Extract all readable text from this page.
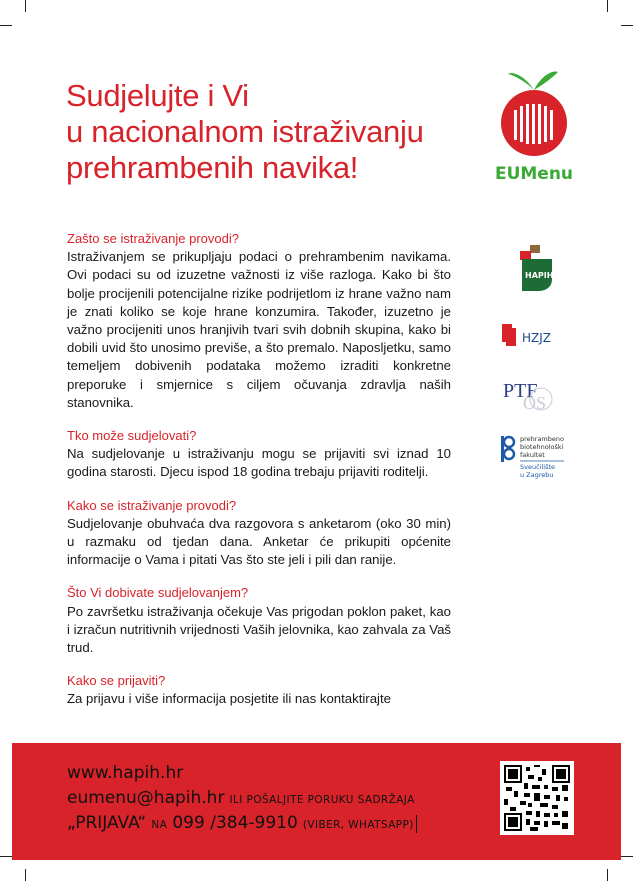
Sudjelujte i Vi
u nacionalnom istraživanju
prehrambenih navika!
Zašto se istraživanje provodi?
Istraživanjem se prikupljaju podaci o prehrambenim navikama. Ovi podaci su od izuzetne važnosti iz više razloga. Kako bi što bolje procijenili potencijalne rizike podrijetlom iz hrane važno nam je znati koliko se koje hrane konzumira. Također, izuzetno je važno procijeniti unos hranjivih tvari svih dobnih skupina, kako bi dobili uvid što unosimo previše, a što premalo. Naposljetku, samo temeljem dobivenih podataka možemo izraditi konkretne preporuke i smjernice s ciljem očuvanja zdravlja naših stanovnika.
Tko može sudjelovati?
Na sudjelovanje u istraživanju mogu se prijaviti svi iznad 10 godina starosti. Djecu ispod 18 godina trebaju prijaviti roditelji.
Kako se istraživanje provodi?
Sudjelovanje obuhvaća dva razgovora s anketarom (oko 30 min) u razmaku od tjedan dana. Anketar će prikupiti općenite informacije o Vama i pitati Vas što ste jeli i pili dan ranije.
Što Vi dobivate sudjelovanjem?
Po završetku istraživanja očekuje Vas prigodan poklon paket, kao i izračun nutritivnih vrijednosti Vaših jelovnika, kao zahvala za Vaš trud.
Kako se prijaviti?
Za prijavu i više informacija posjetite ili nas kontaktirajte
EUMenu
HAPIH
HZJZ
PTF
OS
prehrambeno
biotehnološki
fakultet
Sveučilište
u Zagrebu
www.hapih.hr
eumenu@hapih.hr ILI POŠALJITE PORUKU SADRŽAJA
„PRIJAVA“ NA 099 /384-9910 (VIBER, WHATSAPP)
